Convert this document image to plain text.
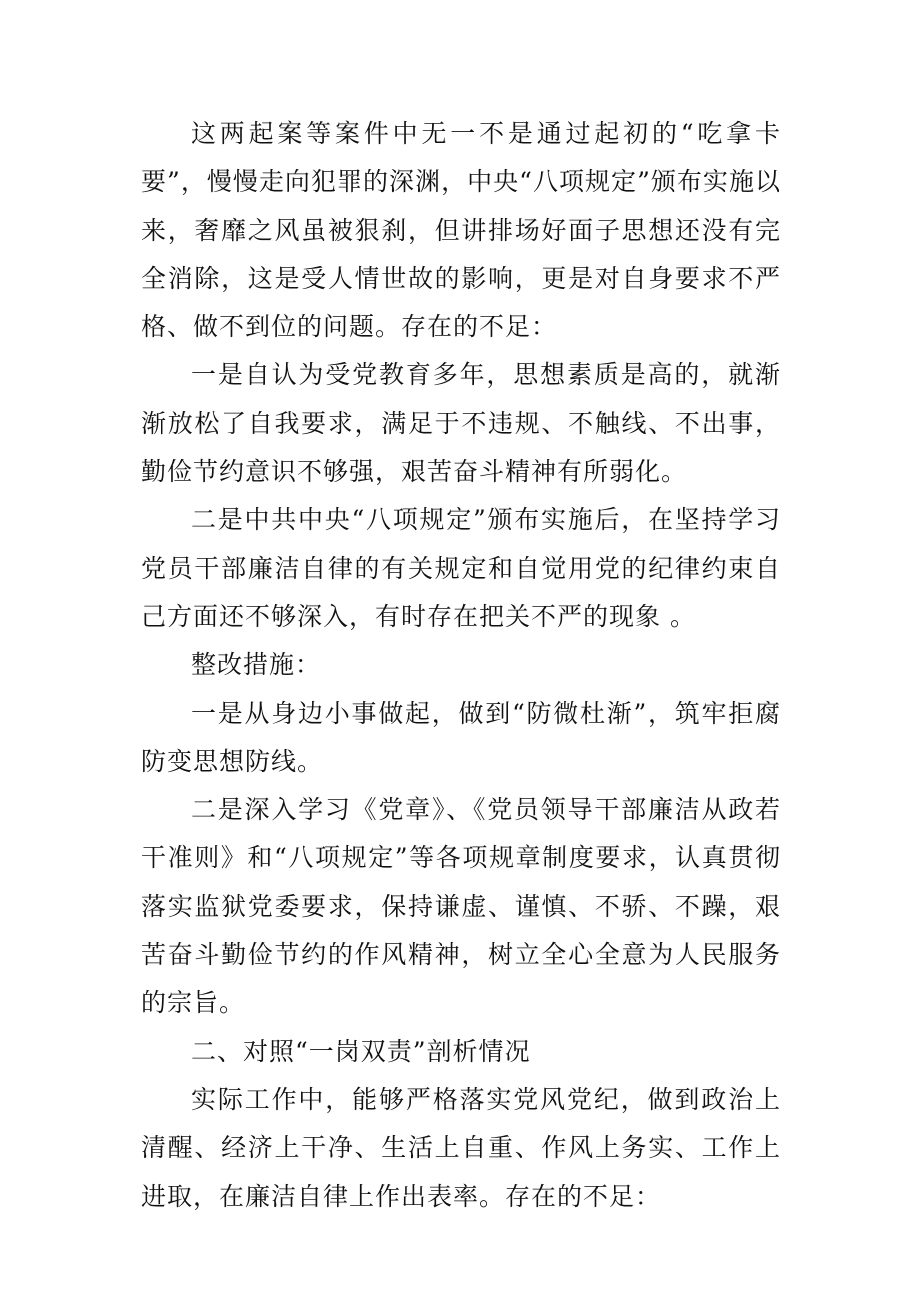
这两起案等案件中无一不是通过起初的“吃拿卡要”，慢慢走向犯罪的深渊，中央“八项规定”颁布实施以来，奢靡之风虽被狠刹，但讲排场好面子思想还没有完全消除，这是受人情世故的影响，更是对自身要求不严格、做不到位的问题。存在的不足：

一是自认为受党教育多年，思想素质是高的，就渐渐放松了自我要求，满足于不违规、不触线、不出事，勤俭节约意识不够强，艰苦奋斗精神有所弱化。

二是中共中央“八项规定”颁布实施后，在坚持学习党员干部廉洁自律的有关规定和自觉用党的纪律约束自己方面还不够深入，有时存在把关不严的现象 。

整改措施：

一是从身边小事做起，做到“防微杜渐”，筑牢拒腐防变思想防线。

二是深入学习《党章》、《党员领导干部廉洁从政若干准则》和“八项规定”等各项规章制度要求，认真贯彻落实监狱党委要求，保持谦虚、谨慎、不骄、不躁，艰苦奋斗勤俭节约的作风精神，树立全心全意为人民服务的宗旨。

二、对照“一岗双责”剖析情况

实际工作中，能够严格落实党风党纪，做到政治上清醒、经济上干净、生活上自重、作风上务实、工作上进取，在廉洁自律上作出表率。存在的不足：
